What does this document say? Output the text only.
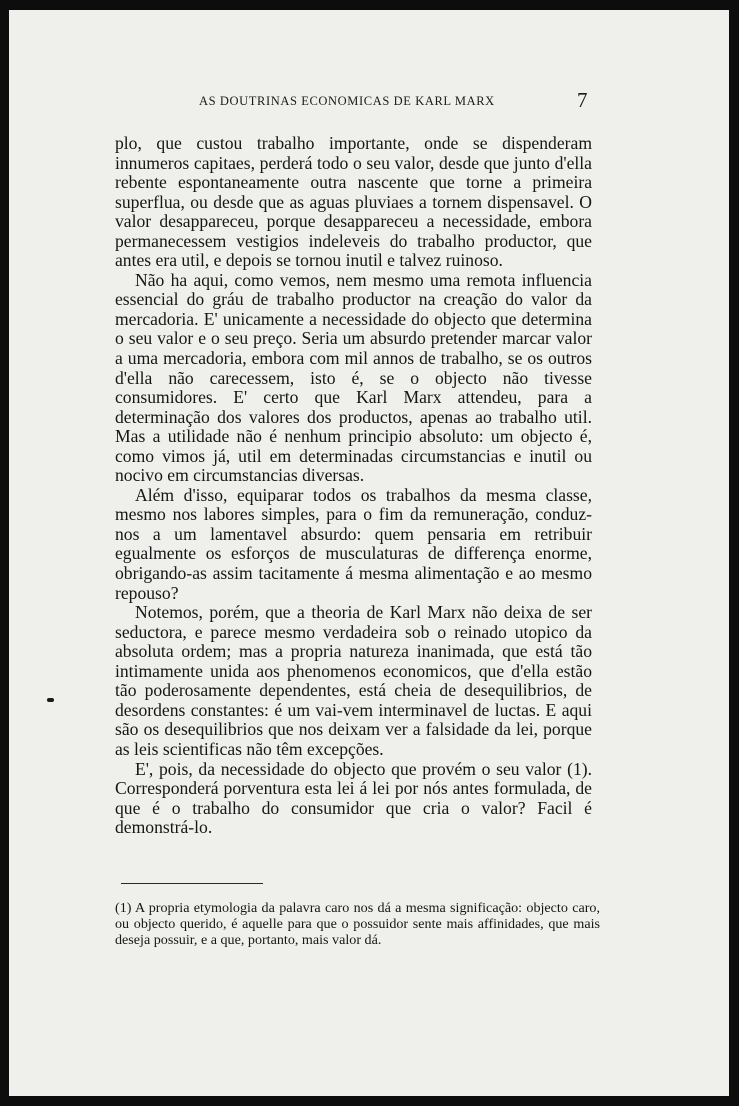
AS DOUTRINAS ECONOMICAS DE KARL MARX	7

plo, que custou trabalho importante, onde se dispenderam innumeros capitaes, perderá todo o seu valor, desde que junto d'ella rebente espontaneamente outra nascente que torne a primeira superflua, ou desde que as aguas pluviaes a tornem dispensavel. O valor desappareceu, porque desappareceu a necessidade, embora permanecessem vestigios indeleveis do trabalho productor, que antes era util, e depois se tornou inutil e talvez ruinoso.

Não ha aqui, como vemos, nem mesmo uma remota influencia essencial do gráu de trabalho productor na creação do valor da mercadoria. E' unicamente a necessidade do objecto que determina o seu valor e o seu preço. Seria um absurdo pretender marcar valor a uma mercadoria, embora com mil annos de trabalho, se os outros d'ella não carecessem, isto é, se o objecto não tivesse consumidores. E' certo que Karl Marx attendeu, para a determinação dos valores dos productos, apenas ao trabalho util. Mas a utilidade não é nenhum principio absoluto: um objecto é, como vimos já, util em determinadas circumstancias e inutil ou nocivo em circumstancias diversas.

Além d'isso, equiparar todos os trabalhos da mesma classe, mesmo nos labores simples, para o fim da remuneração, conduz-nos a um lamentavel absurdo: quem pensaria em retribuir egualmente os esforços de musculaturas de differença enorme, obrigando-as assim tacitamente á mesma alimentação e ao mesmo repouso?

Notemos, porém, que a theoria de Karl Marx não deixa de ser seductora, e parece mesmo verdadeira sob o reinado utopico da absoluta ordem; mas a propria natureza inanimada, que está tão intimamente unida aos phenomenos economicos, que d'ella estão tão poderosamente dependentes, está cheia de desequilibrios, de desordens constantes: é um vai-vem interminavel de luctas. E aqui são os desequilibrios que nos deixam ver a falsidade da lei, porque as leis scientificas não têm excepções.

E', pois, da necessidade do objecto que provém o seu valor (1). Corresponderá porventura esta lei á lei por nós antes formulada, de que é o trabalho do consumidor que cria o valor? Facil é demonstrá-lo.

(1) A propria etymologia da palavra caro nos dá a mesma significação: objecto caro, ou objecto querido, é aquelle para que o possuidor sente mais affinidades, que mais deseja possuir, e a que, portanto, mais valor dá.
